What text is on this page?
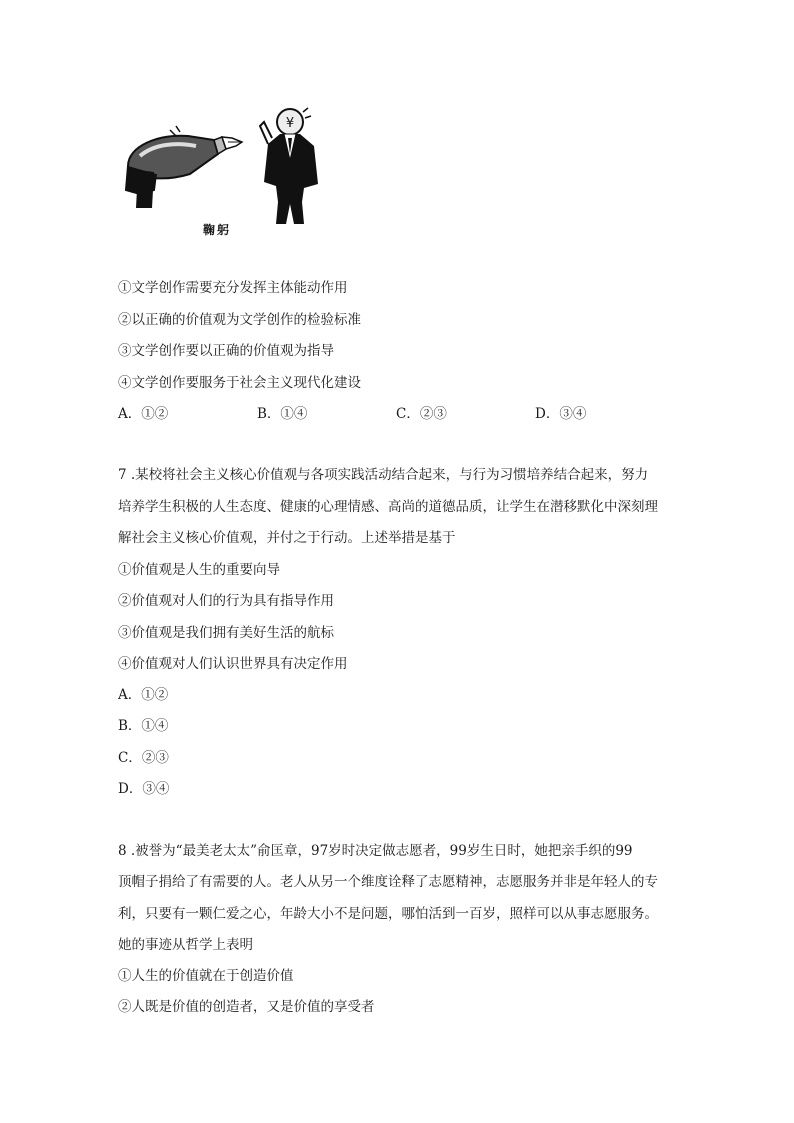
¥
鞠躬
①文学创作需要充分发挥主体能动作用
②以正确的价值观为文学创作的检验标准
③文学创作要以正确的价值观为指导
④文学创作要服务于社会主义现代化建设
A．①②	B．①④	C．②③	D．③④
7 .某校将社会主义核心价值观与各项实践活动结合起来，与行为习惯培养结合起来，努力
培养学生积极的人生态度、健康的心理情感、高尚的道德品质，让学生在潜移默化中深刻理
解社会主义核心价值观，并付之于行动。上述举措是基于
①价值观是人生的重要向导
②价值观对人们的行为具有指导作用
③价值观是我们拥有美好生活的航标
④价值观对人们认识世界具有决定作用
A．①②
B．①④
C．②③
D．③④
8 .被誉为“最美老太太”俞匡章，97岁时决定做志愿者，99岁生日时，她把亲手织的99
顶帽子捐给了有需要的人。老人从另一个维度诠释了志愿精神，志愿服务并非是年轻人的专
利，只要有一颗仁爱之心，年龄大小不是问题，哪怕活到一百岁，照样可以从事志愿服务。
她的事迹从哲学上表明
①人生的价值就在于创造价值
②人既是价值的创造者，又是价值的享受者
